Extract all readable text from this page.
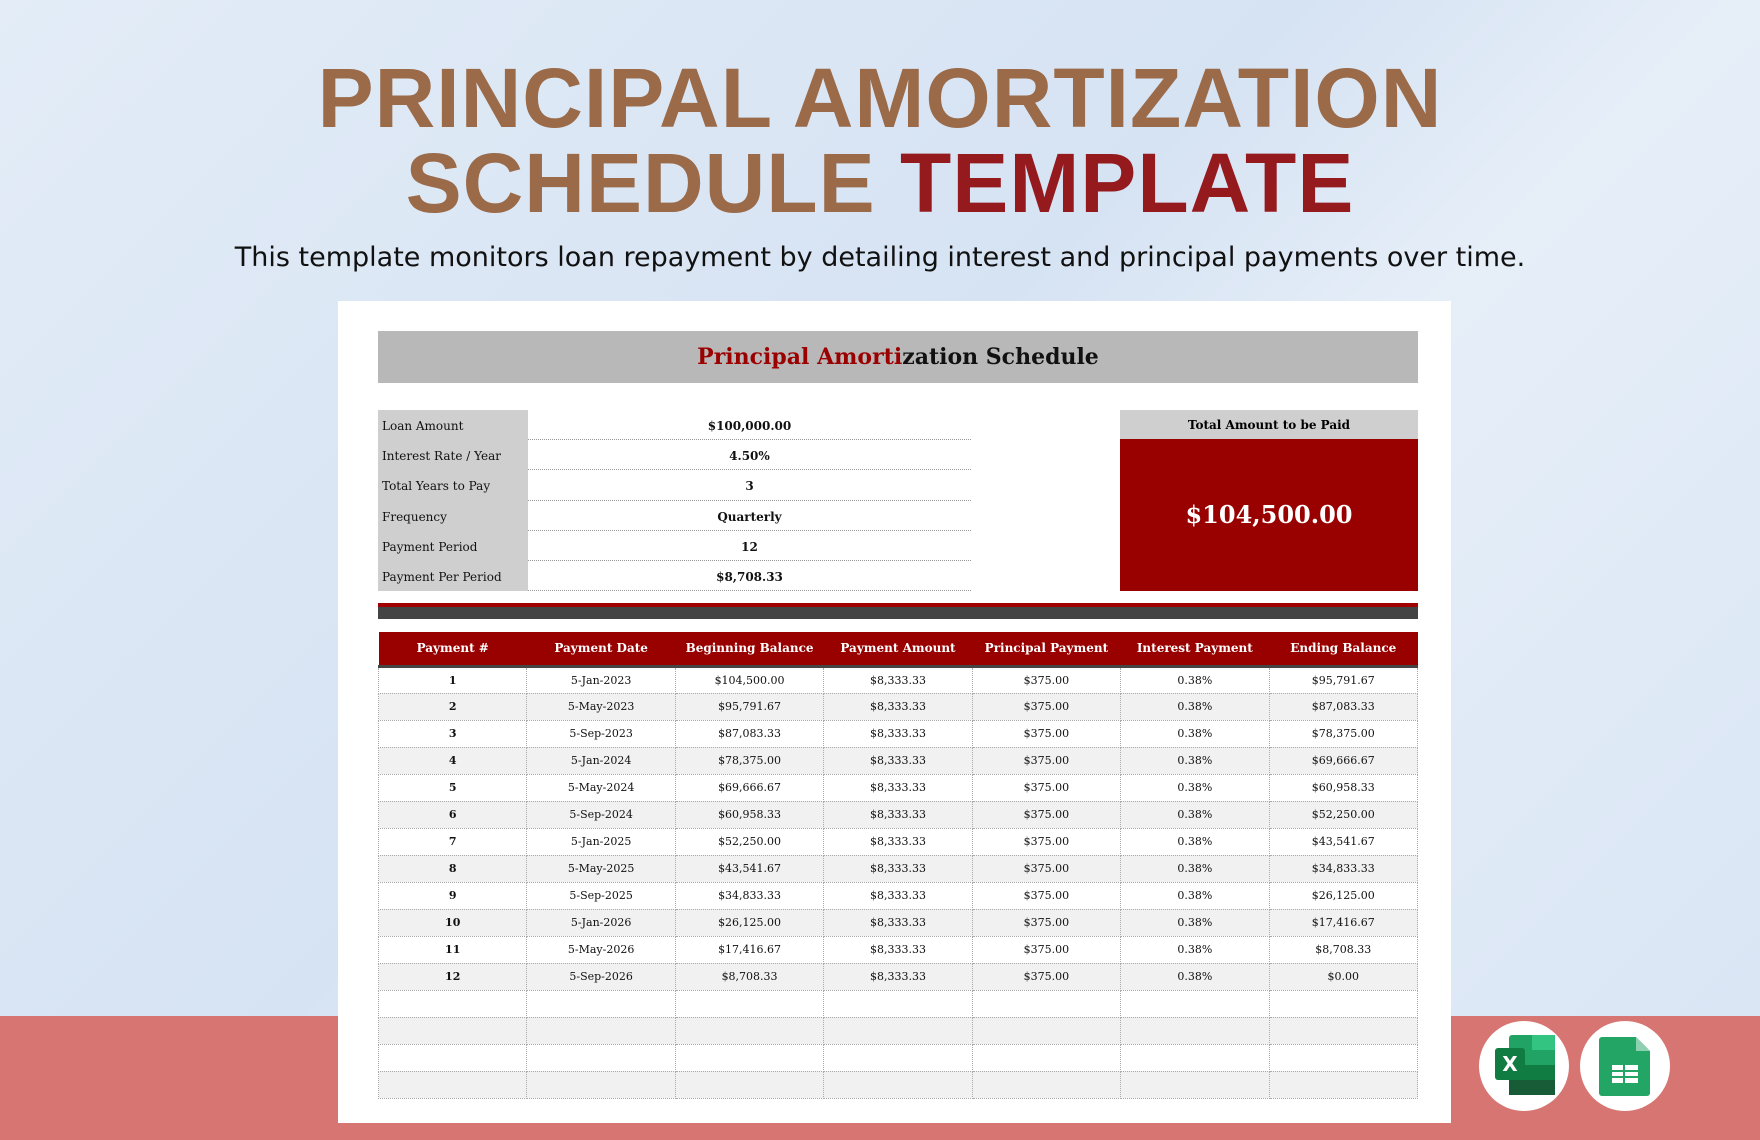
PRINCIPAL AMORTIZATION
SCHEDULE TEMPLATE
This template monitors loan repayment by detailing interest and principal payments over time.
Principal Amortization Schedule
Loan Amount	$100,000.00
Interest Rate / Year	4.50%
Total Years to Pay	3
Frequency	Quarterly
Payment Period	12
Payment Per Period	$8,708.33
Total Amount to be Paid
$104,500.00
Payment #	Payment Date	Beginning Balance	Payment Amount	Principal Payment	Interest Payment	Ending Balance
1	5-Jan-2023	$104,500.00	$8,333.33	$375.00	0.38%	$95,791.67
2	5-May-2023	$95,791.67	$8,333.33	$375.00	0.38%	$87,083.33
3	5-Sep-2023	$87,083.33	$8,333.33	$375.00	0.38%	$78,375.00
4	5-Jan-2024	$78,375.00	$8,333.33	$375.00	0.38%	$69,666.67
5	5-May-2024	$69,666.67	$8,333.33	$375.00	0.38%	$60,958.33
6	5-Sep-2024	$60,958.33	$8,333.33	$375.00	0.38%	$52,250.00
7	5-Jan-2025	$52,250.00	$8,333.33	$375.00	0.38%	$43,541.67
8	5-May-2025	$43,541.67	$8,333.33	$375.00	0.38%	$34,833.33
9	5-Sep-2025	$34,833.33	$8,333.33	$375.00	0.38%	$26,125.00
10	5-Jan-2026	$26,125.00	$8,333.33	$375.00	0.38%	$17,416.67
11	5-May-2026	$17,416.67	$8,333.33	$375.00	0.38%	$8,708.33
12	5-Sep-2026	$8,708.33	$8,333.33	$375.00	0.38%	$0.00

X
